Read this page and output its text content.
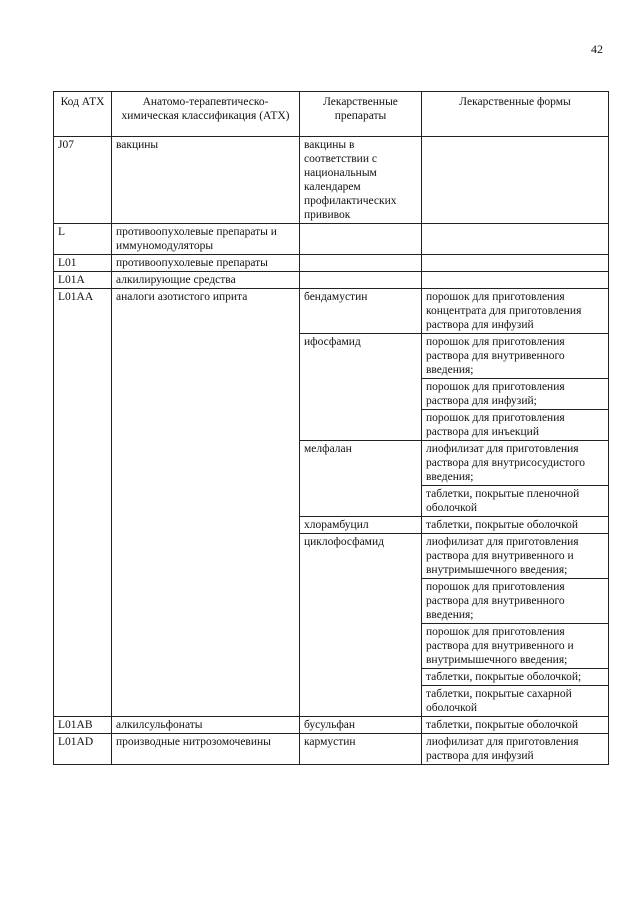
42
Код АТХ	Анатомо-терапевтическо-химическая классификация (АТХ)	Лекарственные препараты	Лекарственные формы
J07	вакцины	вакцины в соответствии с национальным календарем профилактических прививок	
L	противоопухолевые препараты и иммуномодуляторы		
L01	противоопухолевые препараты		
L01A	алкилирующие средства		
L01AA	аналоги азотистого иприта	бендамустин	порошок для приготовления концентрата для приготовления раствора для инфузий
		ифосфамид	порошок для приготовления раствора для внутривенного введения;
			порошок для приготовления раствора для инфузий;
			порошок для приготовления раствора для инъекций
		мелфалан	лиофилизат для приготовления раствора для внутрисосудистого введения;
			таблетки, покрытые пленочной оболочкой
		хлорамбуцил	таблетки, покрытые оболочкой
		циклофосфамид	лиофилизат для приготовления раствора для внутривенного и внутримышечного введения;
			порошок для приготовления раствора для внутривенного введения;
			порошок для приготовления раствора для внутривенного и внутримышечного введения;
			таблетки, покрытые оболочкой;
			таблетки, покрытые сахарной оболочкой
L01AB	алкилсульфонаты	бусульфан	таблетки, покрытые оболочкой
L01AD	производные нитрозомочевины	кармустин	лиофилизат для приготовления раствора для инфузий
